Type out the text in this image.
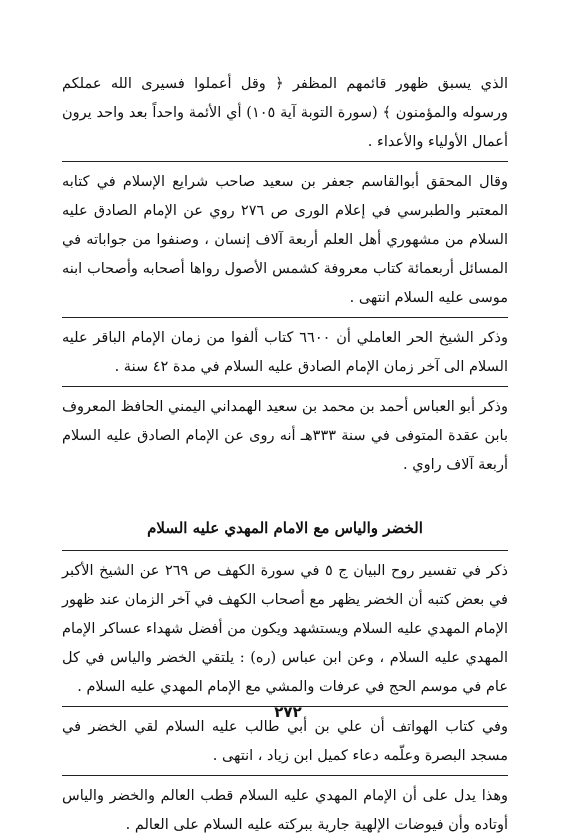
الذي يسبق ظهور قائمهم المظفر ﴿ وقل أعملوا فسيرى الله عملكم ورسوله والمؤمنون ﴾ (سورة التوبة آية ١٠٥) أي الأئمة واحداً بعد واحد يرون أعمال الأولياء والأعداء .

وقال المحقق أبوالقاسم جعفر بن سعيد صاحب شرايع الإسلام في كتابه المعتبر والطبرسي في إعلام الورى ص ٢٧٦ روي عن الإمام الصادق عليه السلام من مشهوري أهل العلم أربعة آلاف إنسان ، وصنفوا من جواباته في المسائل أربعمائة كتاب معروفة كشمس الأصول رواها أصحابه وأصحاب ابنه موسى عليه السلام انتهى .

وذكر الشيخ الحر العاملي أن ٦٦٠٠ كتاب ألفوا من زمان الإمام الباقر عليه السلام الى آخر زمان الإمام الصادق عليه السلام في مدة ٤٢ سنة .

وذكر أبو العباس أحمد بن محمد بن سعيد الهمداني اليمني الحافظ المعروف بابن عقدة المتوفى في سنة ٣٣٣هـ أنه روى عن الإمام الصادق عليه السلام أربعة آلاف راوي .

الخضر والياس مع الامام المهدي عليه السلام

ذكر في تفسير روح البيان ج ٥ في سورة الكهف ص ٢٦٩ عن الشيخ الأكبر في بعض كتبه أن الخضر يظهر مع أصحاب الكهف في آخر الزمان عند ظهور الإمام المهدي عليه السلام ويستشهد ويكون من أفضل شهداء عساكر الإمام المهدي عليه السلام ، وعن ابن عباس (ره) : يلتقي الخضر والياس في كل عام في موسم الحج في عرفات والمشي مع الإمام المهدي عليه السلام .

وفي كتاب الهواتف أن علي بن أبي طالب عليه السلام لقي الخضر في مسجد البصرة وعلّمه دعاء كميل ابن زياد ، انتهى .

وهذا يدل على أن الإمام المهدي عليه السلام قطب العالم والخضر والياس أوتاده وأن فيوضات الإلهية جارية ببركته عليه السلام على العالم .

٢٧٢
